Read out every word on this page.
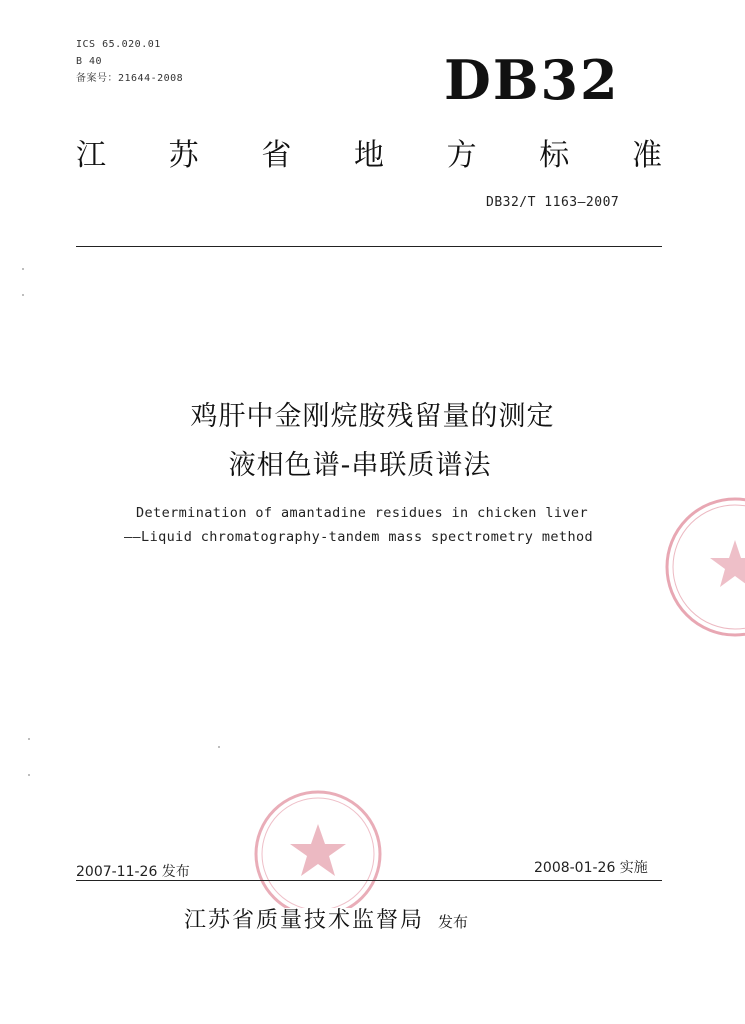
ICS 65.020.01
B 40
备案号：21644-2008	DB32
江 苏 省 地 方 标 准
DB32/T 1163—2007
鸡肝中金刚烷胺残留量的测定
液相色谱-串联质谱法
Determination of amantadine residues in chicken liver
——Liquid chromatography-tandem mass spectrometry method
2007-11-26 发布	2008-01-26 实施
江苏省质量技术监督局 发布
